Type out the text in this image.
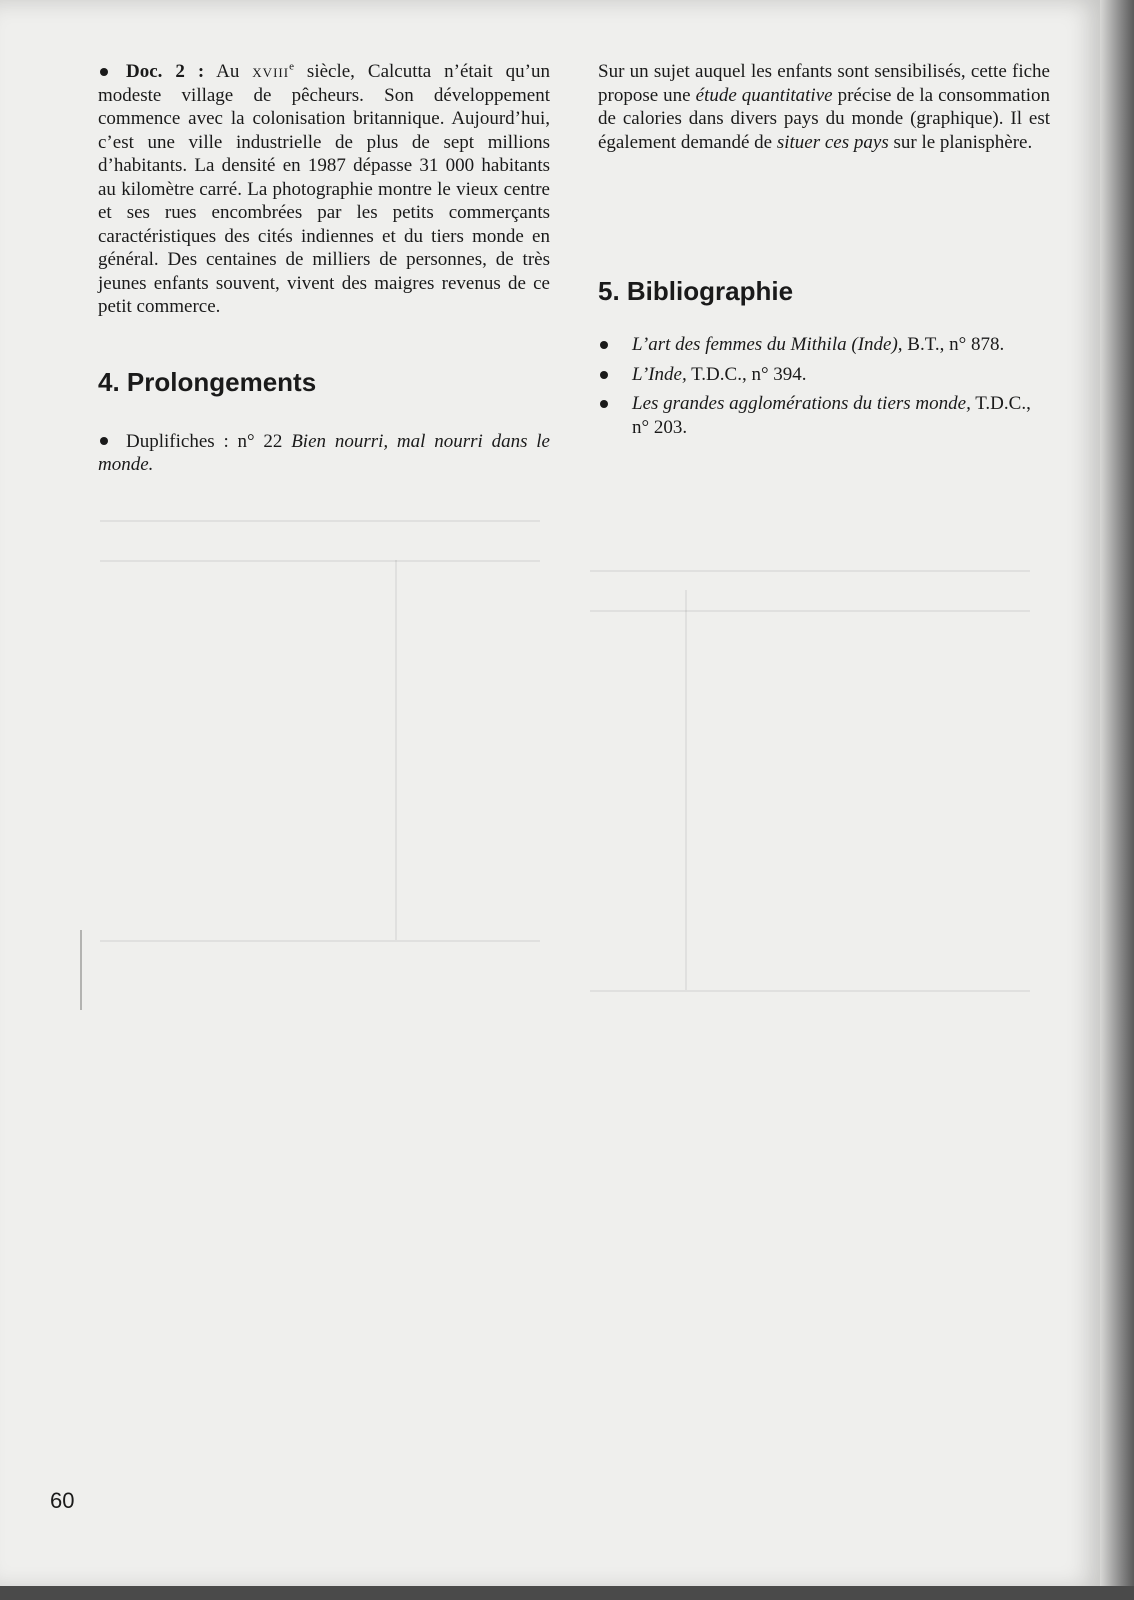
Doc. 2 : Au xviii$^e$ siècle, Calcutta n’était qu’un modeste village de pêcheurs. Son développement commence avec la colonisation britannique. Aujourd’hui, c’est une ville industrielle de plus de sept millions d’habitants. La densité en 1987 dépasse 31 000 habitants au kilomètre carré. La photographie montre le vieux centre et ses rues encombrées par les petits commerçants caractéristiques des cités indiennes et du tiers monde en général. Des centaines de milliers de personnes, de très jeunes enfants souvent, vivent des maigres revenus de ce petit commerce.

4. Prolongements

Duplifiches : n° 22 Bien nourri, mal nourri dans le monde.

Sur un sujet auquel les enfants sont sensibilisés, cette fiche propose une étude quantitative précise de la consommation de calories dans divers pays du monde (graphique). Il est également demandé de situer ces pays sur le planisphère.

5. Bibliographie
L’art des femmes du Mithila (Inde), B.T., n° 878.
L’Inde, T.D.C., n° 394.
Les grandes agglomérations du tiers monde, T.D.C., n° 203.
60
